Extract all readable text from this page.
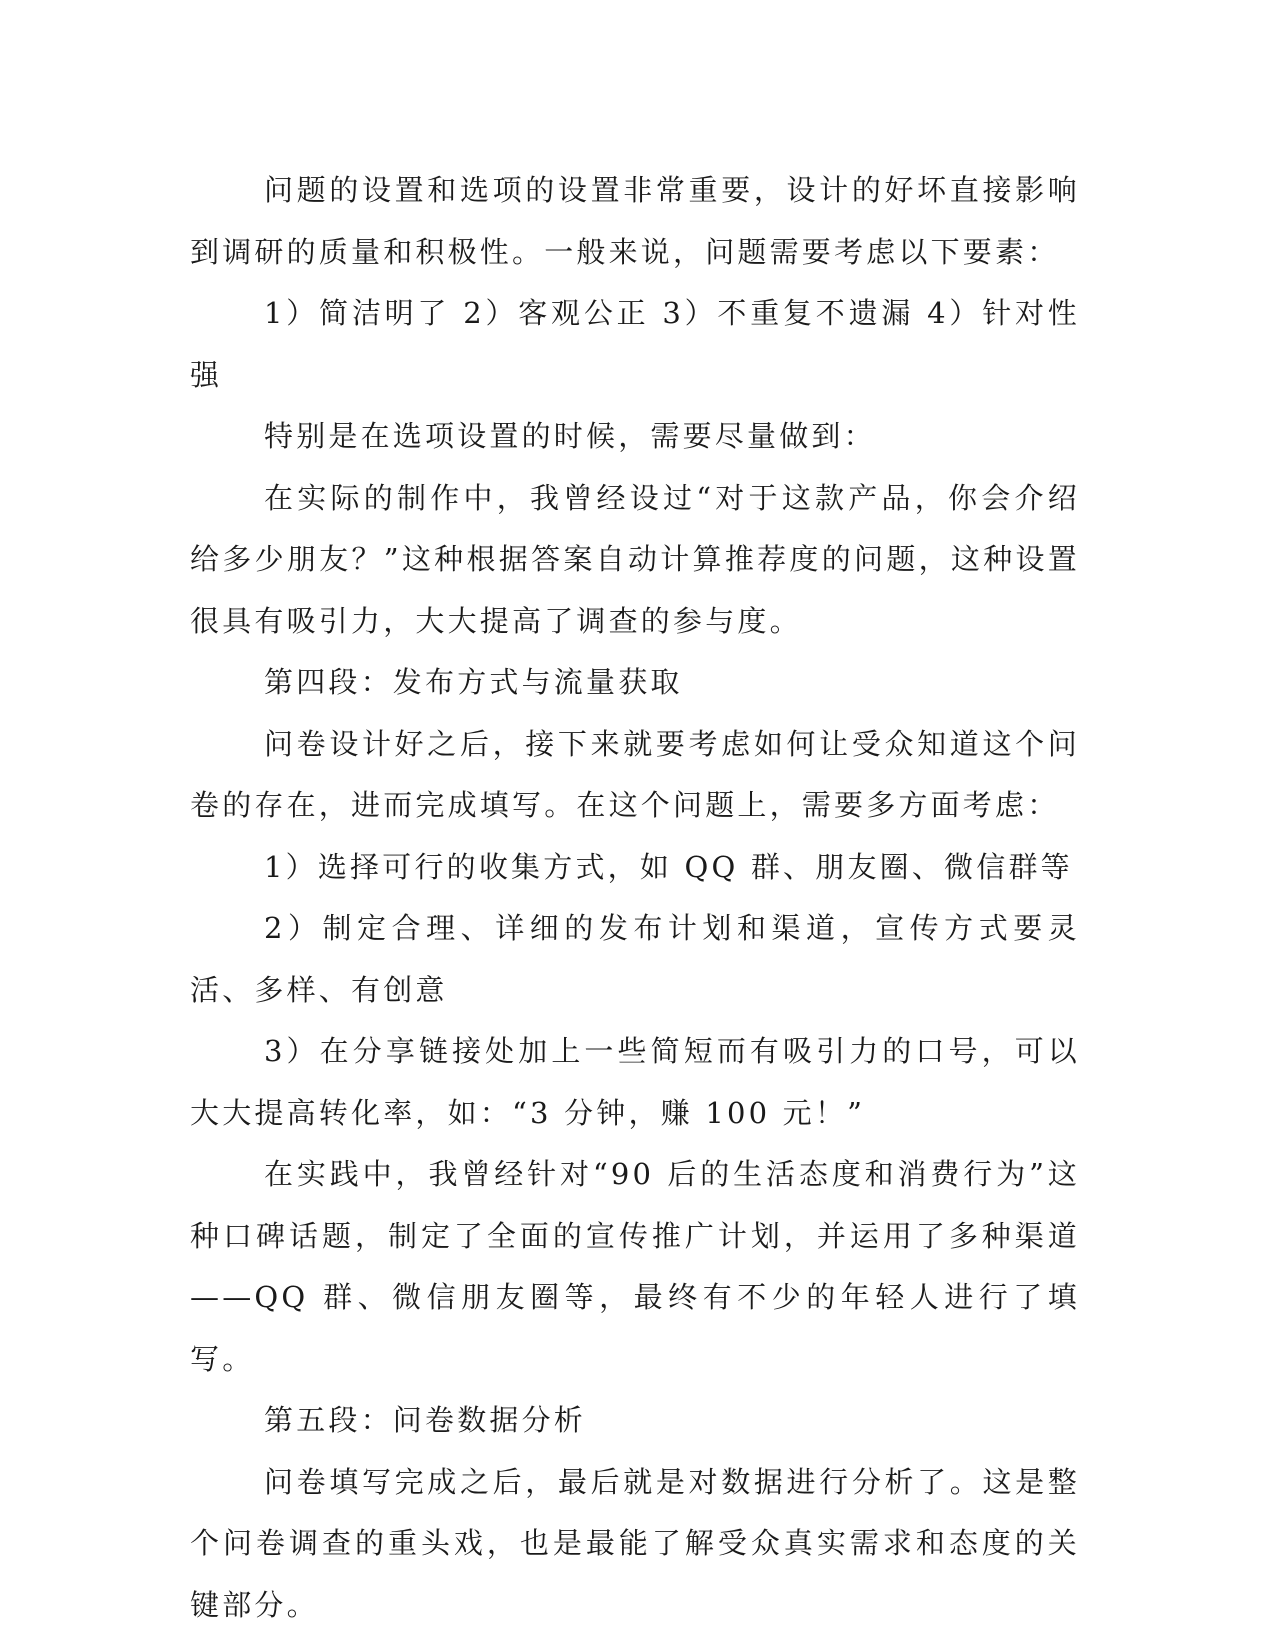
问题的设置和选项的设置非常重要，设计的好坏直接影响到调研的质量和积极性。一般来说，问题需要考虑以下要素：

1）简洁明了 2）客观公正 3）不重复不遗漏 4）针对性强

特别是在选项设置的时候，需要尽量做到：

在实际的制作中，我曾经设过“对于这款产品，你会介绍给多少朋友？”这种根据答案自动计算推荐度的问题，这种设置很具有吸引力，大大提高了调查的参与度。

第四段：发布方式与流量获取

问卷设计好之后，接下来就要考虑如何让受众知道这个问卷的存在，进而完成填写。在这个问题上，需要多方面考虑：

1）选择可行的收集方式，如 QQ 群、朋友圈、微信群等

2）制定合理、详细的发布计划和渠道，宣传方式要灵活、多样、有创意

3）在分享链接处加上一些简短而有吸引力的口号，可以大大提高转化率，如：“3 分钟，赚 100 元！”

在实践中，我曾经针对“90 后的生活态度和消费行为”这种口碑话题，制定了全面的宣传推广计划，并运用了多种渠道——QQ 群、微信朋友圈等，最终有不少的年轻人进行了填写。

第五段：问卷数据分析

问卷填写完成之后，最后就是对数据进行分析了。这是整个问卷调查的重头戏，也是最能了解受众真实需求和态度的关键部分。
